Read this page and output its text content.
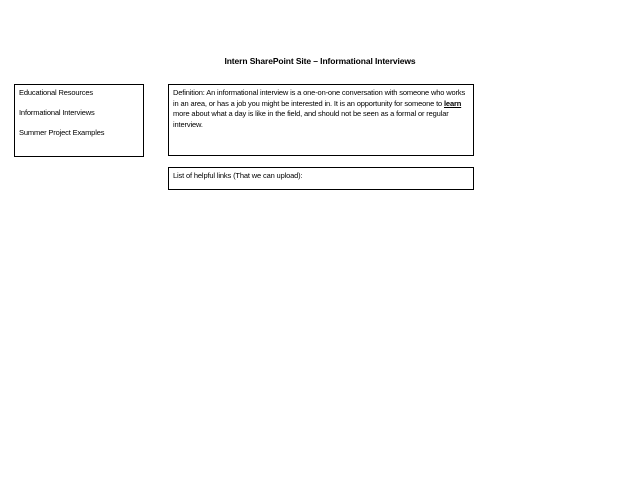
Intern SharePoint Site – Informational Interviews
Educational Resources
Informational Interviews
Summer Project Examples

Definition: An informational interview is a one-on-one conversation with someone who works in an area, or has a job you might be interested in. It is an opportunity for someone to learn more about what a day is like in the field, and should not be seen as a formal or regular interview.

List of helpful links (That we can upload):
